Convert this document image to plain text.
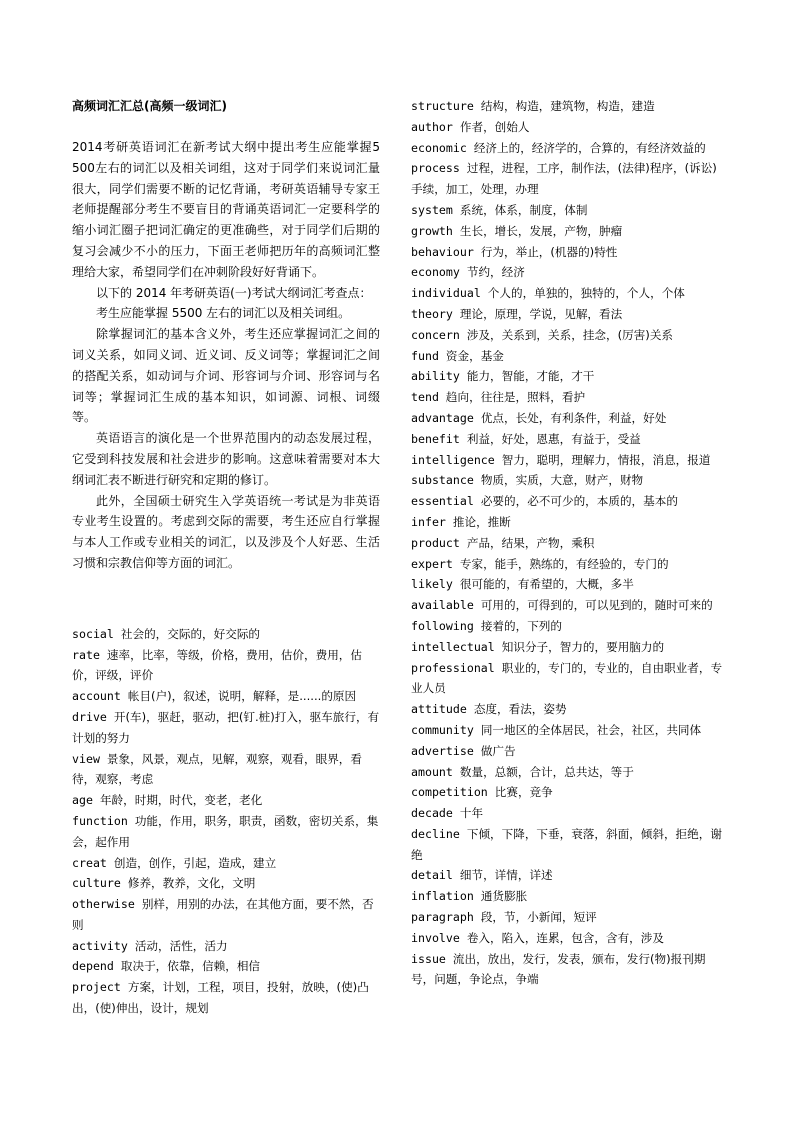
高频词汇汇总(高频一级词汇)

2014考研英语词汇在新考试大纲中提出考生应能掌握5 500左右的词汇以及相关词组，这对于同学们来说词汇量很大，同学们需要不断的记忆背诵，考研英语辅导专家王老师提醒部分考生不要盲目的背诵英语词汇一定要科学的缩小词汇圈子把词汇确定的更准确些，对于同学们后期的复习会减少不小的压力，下面王老师把历年的高频词汇整理给大家，希望同学们在冲刺阶段好好背诵下。

以下的 2014 年考研英语(一)考试大纲词汇考查点：

考生应能掌握 5500 左右的词汇以及相关词组。

除掌握词汇的基本含义外，考生还应掌握词汇之间的词义关系，如同义词、近义词、反义词等；掌握词汇之间的搭配关系，如动词与介词、形容词与介词、形容词与名词等；掌握词汇生成的基本知识，如词源、词根、词缀等。

英语语言的演化是一个世界范围内的动态发展过程，它受到科技发展和社会进步的影响。这意味着需要对本大纲词汇表不断进行研究和定期的修订。

此外，全国硕士研究生入学英语统一考试是为非英语专业考生设置的。考虑到交际的需要，考生还应自行掌握与本人工作或专业相关的词汇，以及涉及个人好恶、生活习惯和宗教信仰等方面的词汇。

social 社会的，交际的，好交际的
rate 速率，比率，等级，价格，费用，估价，费用，估价，评级，评价
account 帐目(户)，叙述，说明，解释，是......的原因
drive 开(车)，驱赶，驱动，把(钉.桩)打入，驱车旅行，有计划的努力
view 景象，风景，观点，见解，观察，观看，眼界，看待，观察，考虑
age 年龄，时期，时代，变老，老化
function 功能，作用，职务，职责，函数，密切关系，集会，起作用
creat 创造，创作，引起，造成，建立
culture 修养，教养，文化，文明
otherwise 别样，用别的办法，在其他方面，要不然，否则
activity 活动，活性，活力
depend 取决于，依靠，信赖，相信
project 方案，计划，工程，项目，投射，放映，(使)凸出，(使)伸出，设计，规划
structure 结构，构造，建筑物，构造，建造
author 作者，创始人
economic 经济上的，经济学的，合算的，有经济效益的
process 过程，进程，工序，制作法，(法律)程序，(诉讼)手续，加工，处理，办理
system 系统，体系，制度，体制
growth 生长，增长，发展，产物，肿瘤
behaviour 行为，举止，(机器的)特性
economy 节约，经济
individual 个人的，单独的，独特的，个人，个体
theory 理论，原理，学说，见解，看法
concern 涉及，关系到，关系，挂念，(厉害)关系
fund 资金，基金
ability 能力，智能，才能，才干
tend 趋向，往往是，照料，看护
advantage 优点，长处，有利条件，利益，好处
benefit 利益，好处，恩惠，有益于，受益
intelligence 智力，聪明，理解力，情报，消息，报道
substance 物质，实质，大意，财产，财物
essential 必要的，必不可少的，本质的，基本的
infer 推论，推断
product 产品，结果，产物，乘积
expert 专家，能手，熟练的，有经验的，专门的
likely 很可能的，有希望的，大概，多半
available 可用的，可得到的，可以见到的，随时可来的
following 接着的，下列的
intellectual 知识分子，智力的，要用脑力的
professional 职业的，专门的，专业的，自由职业者，专业人员
attitude 态度，看法，姿势
community 同一地区的全体居民，社会，社区，共同体
advertise 做广告
amount 数量，总额，合计，总共达，等于
competition 比赛，竞争
decade 十年
decline 下倾，下降，下垂，衰落，斜面，倾斜，拒绝，谢绝
detail 细节，详情，详述
inflation 通货膨胀
paragraph 段，节，小新闻，短评
involve 卷入，陷入，连累，包含，含有，涉及
issue 流出，放出，发行，发表，颁布，发行(物)报刊期号，问题，争论点，争端
